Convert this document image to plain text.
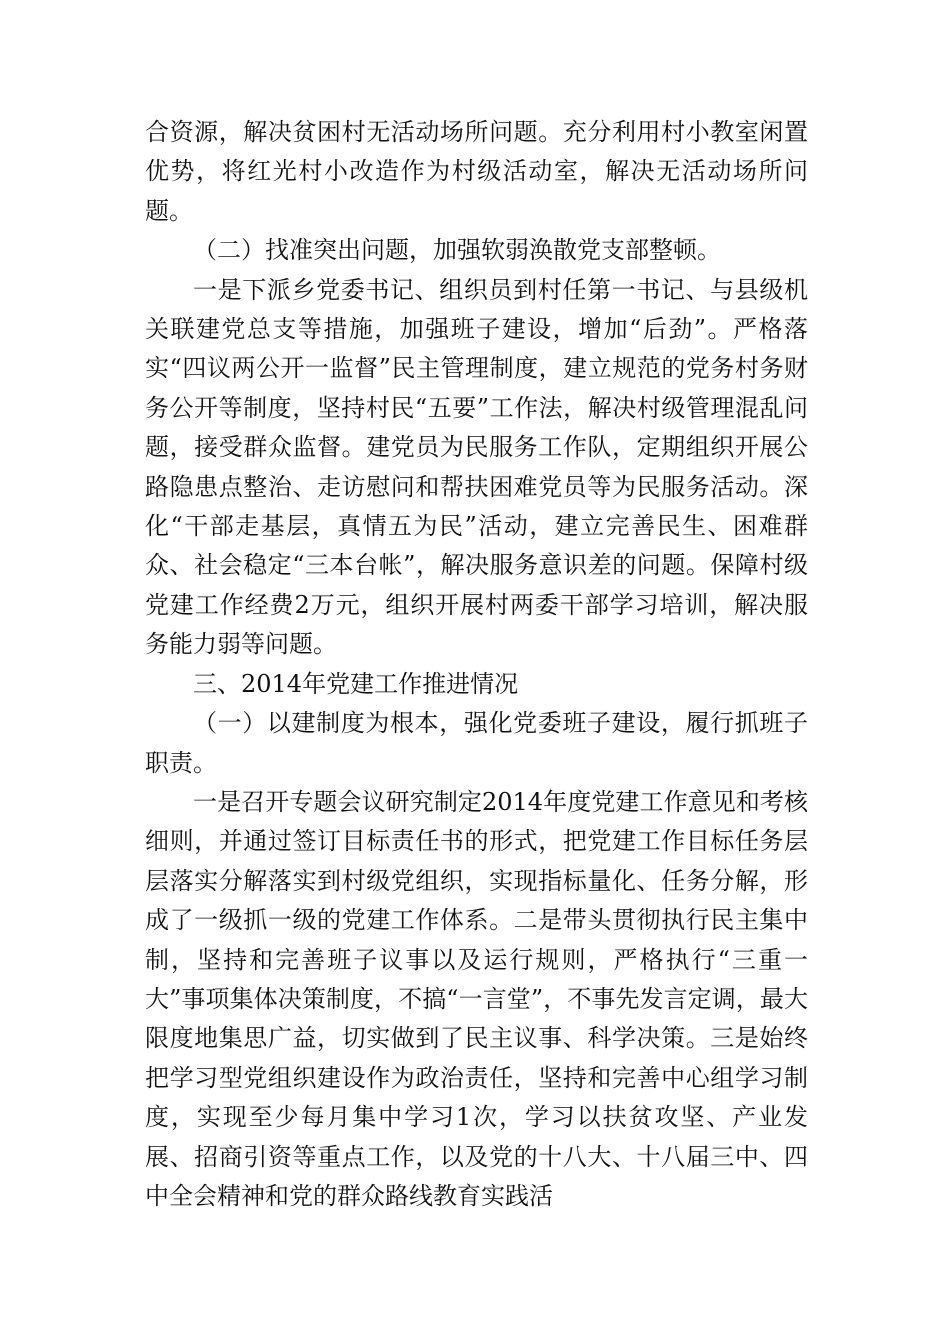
合资源，解决贫困村无活动场所问题。充分利用村小教室闲置优势，将红光村小改造作为村级活动室，解决无活动场所问题。

（二）找准突出问题，加强软弱涣散党支部整顿。

一是下派乡党委书记、组织员到村任第一书记、与县级机关联建党总支等措施，加强班子建设，增加“后劲”。严格落实“四议两公开一监督”民主管理制度，建立规范的党务村务财务公开等制度，坚持村民“五要”工作法，解决村级管理混乱问题，接受群众监督。建党员为民服务工作队，定期组织开展公路隐患点整治、走访慰问和帮扶困难党员等为民服务活动。深化“干部走基层，真情五为民”活动，建立完善民生、困难群众、社会稳定“三本台帐”，解决服务意识差的问题。保障村级党建工作经费2万元，组织开展村两委干部学习培训，解决服务能力弱等问题。

三、2014年党建工作推进情况

（一）以建制度为根本，强化党委班子建设，履行抓班子职责。

一是召开专题会议研究制定2014年度党建工作意见和考核细则，并通过签订目标责任书的形式，把党建工作目标任务层层落实分解落实到村级党组织，实现指标量化、任务分解，形成了一级抓一级的党建工作体系。二是带头贯彻执行民主集中制，坚持和完善班子议事以及运行规则，严格执行“三重一大”事项集体决策制度，不搞“一言堂”，不事先发言定调，最大限度地集思广益，切实做到了民主议事、科学决策。三是始终把学习型党组织建设作为政治责任，坚持和完善中心组学习制度，实现至少每月集中学习1次，学习以扶贫攻坚、产业发展、招商引资等重点工作，以及党的十八大、十八届三中、四中全会精神和党的群众路线教育实践活
